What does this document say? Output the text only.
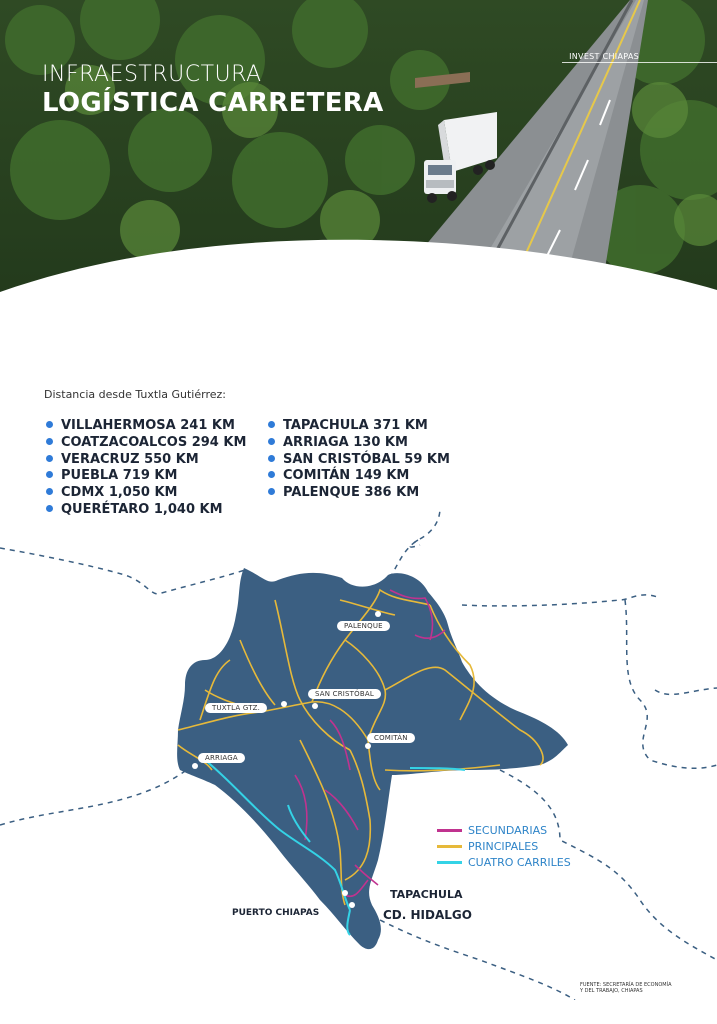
INVEST CHIAPAS
INFRAESTRUCTURA
LOGÍSTICA CARRETERA
Distancia desde Tuxtla Gutiérrez:
VILLAHERMOSA 241 KM
COATZACOALCOS 294 KM
VERACRUZ 550 KM
PUEBLA 719 KM
CDMX 1,050 KM
QUERÉTARO 1,040 KM
TAPACHULA 371 KM
ARRIAGA 130 KM
SAN CRISTÓBAL 59 KM
COMITÁN 149 KM
PALENQUE 386 KM
PALENQUE
TUXTLA GTZ.
SAN CRISTÓBAL
COMITÁN
ARRIAGA
TAPACHULA
CD. HIDALGO
PUERTO CHIAPAS
SECUNDARIAS
PRINCIPALES
CUATRO CARRILES
FUENTE: SECRETARÍA DE ECONOMÍA
Y DEL TRABAJO, CHIAPAS
